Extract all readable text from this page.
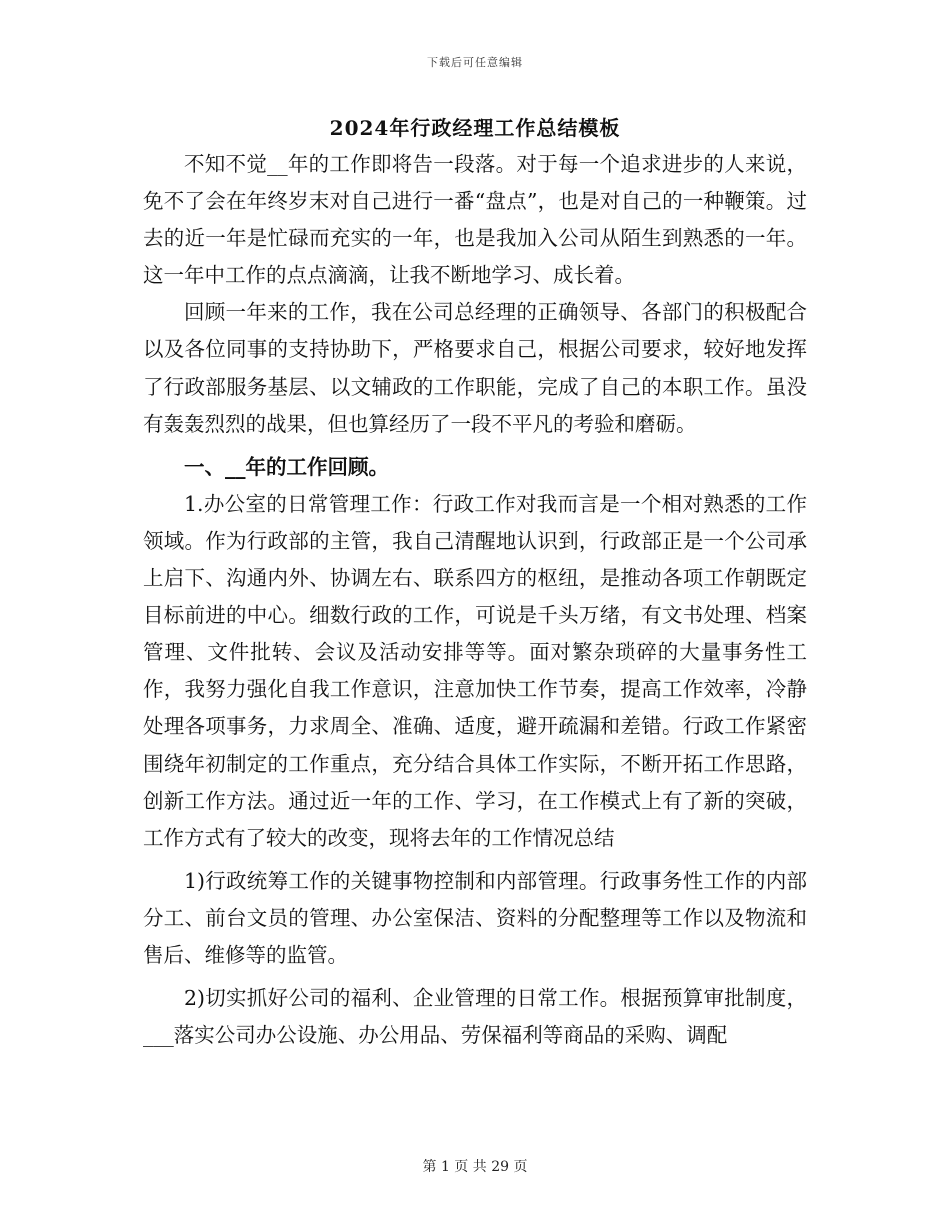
下载后可任意编辑
2024年行政经理工作总结模板

不知不觉__年的工作即将告一段落。对于每一个追求进步的人来说，免不了会在年终岁末对自己进行一番“盘点”，也是对自己的一种鞭策。过去的近一年是忙碌而充实的一年，也是我加入公司从陌生到熟悉的一年。这一年中工作的点点滴滴，让我不断地学习、成长着。

回顾一年来的工作，我在公司总经理的正确领导、各部门的积极配合以及各位同事的支持协助下，严格要求自己，根据公司要求，较好地发挥了行政部服务基层、以文辅政的工作职能，完成了自己的本职工作。虽没有轰轰烈烈的战果，但也算经历了一段不平凡的考验和磨砺。

一、__年的工作回顾。

1.办公室的日常管理工作：行政工作对我而言是一个相对熟悉的工作领域。作为行政部的主管，我自己清醒地认识到，行政部正是一个公司承上启下、沟通内外、协调左右、联系四方的枢纽，是推动各项工作朝既定目标前进的中心。细数行政的工作，可说是千头万绪，有文书处理、档案管理、文件批转、会议及活动安排等等。面对繁杂琐碎的大量事务性工作，我努力强化自我工作意识，注意加快工作节奏，提高工作效率，冷静处理各项事务，力求周全、准确、适度，避开疏漏和差错。行政工作紧密围绕年初制定的工作重点，充分结合具体工作实际，不断开拓工作思路，创新工作方法。通过近一年的工作、学习，在工作模式上有了新的突破，工作方式有了较大的改变，现将去年的工作情况总结

1)行政统筹工作的关键事物控制和内部管理。行政事务性工作的内部分工、前台文员的管理、办公室保洁、资料的分配整理等工作以及物流和售后、维修等的监管。

2)切实抓好公司的福利、企业管理的日常工作。根据预算审批制度，___落实公司办公设施、办公用品、劳保福利等商品的采购、调配

第 1 页 共 29 页
